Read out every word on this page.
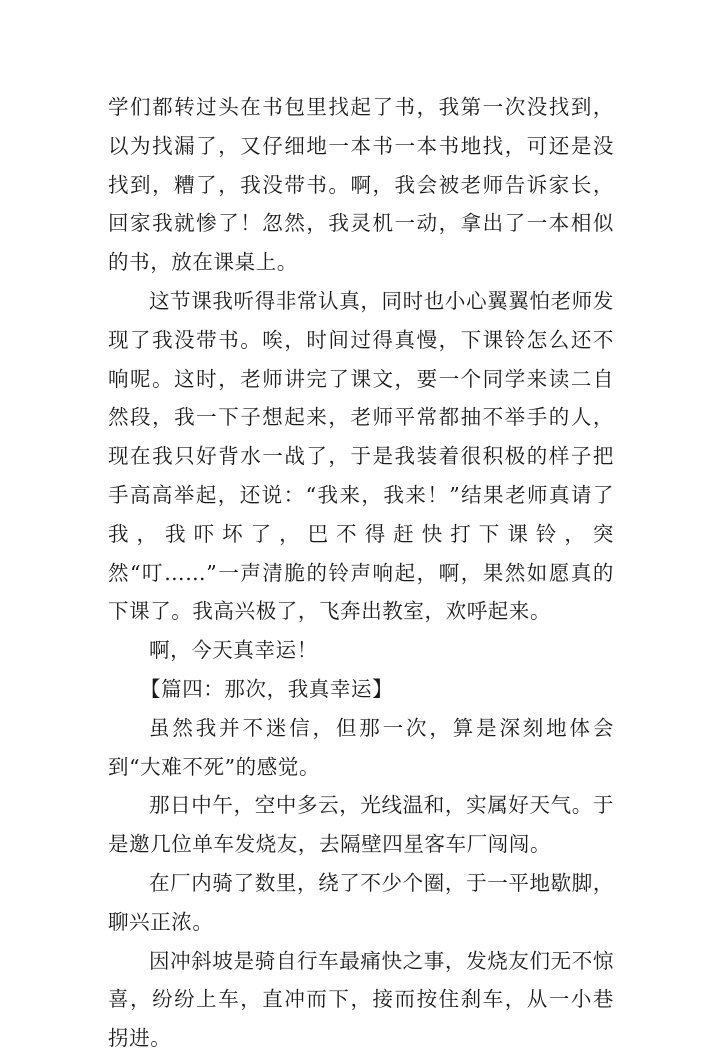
学们都转过头在书包里找起了书，我第一次没找到，以为找漏了，又仔细地一本书一本书地找，可还是没找到，糟了，我没带书。啊，我会被老师告诉家长，回家我就惨了！忽然，我灵机一动，拿出了一本相似的书，放在课桌上。

这节课我听得非常认真，同时也小心翼翼怕老师发现了我没带书。唉，时间过得真慢，下课铃怎么还不响呢。这时，老师讲完了课文，要一个同学来读二自然段，我一下子想起来，老师平常都抽不举手的人，现在我只好背水一战了，于是我装着很积极的样子把手高高举起，还说：“我来，我来！”结果老师真请了我，我吓坏了，巴不得赶快打下课铃，突然“叮……”一声清脆的铃声响起，啊，果然如愿真的下课了。我高兴极了，飞奔出教室，欢呼起来。

啊，今天真幸运！

【篇四：那次，我真幸运】

虽然我并不迷信，但那一次，算是深刻地体会到“大难不死”的感觉。

那日中午，空中多云，光线温和，实属好天气。于是邀几位单车发烧友，去隔壁四星客车厂闯闯。

在厂内骑了数里，绕了不少个圈，于一平地歇脚，聊兴正浓。

因冲斜坡是骑自行车最痛快之事，发烧友们无不惊喜，纷纷上车，直冲而下，接而按住刹车，从一小巷拐进。
